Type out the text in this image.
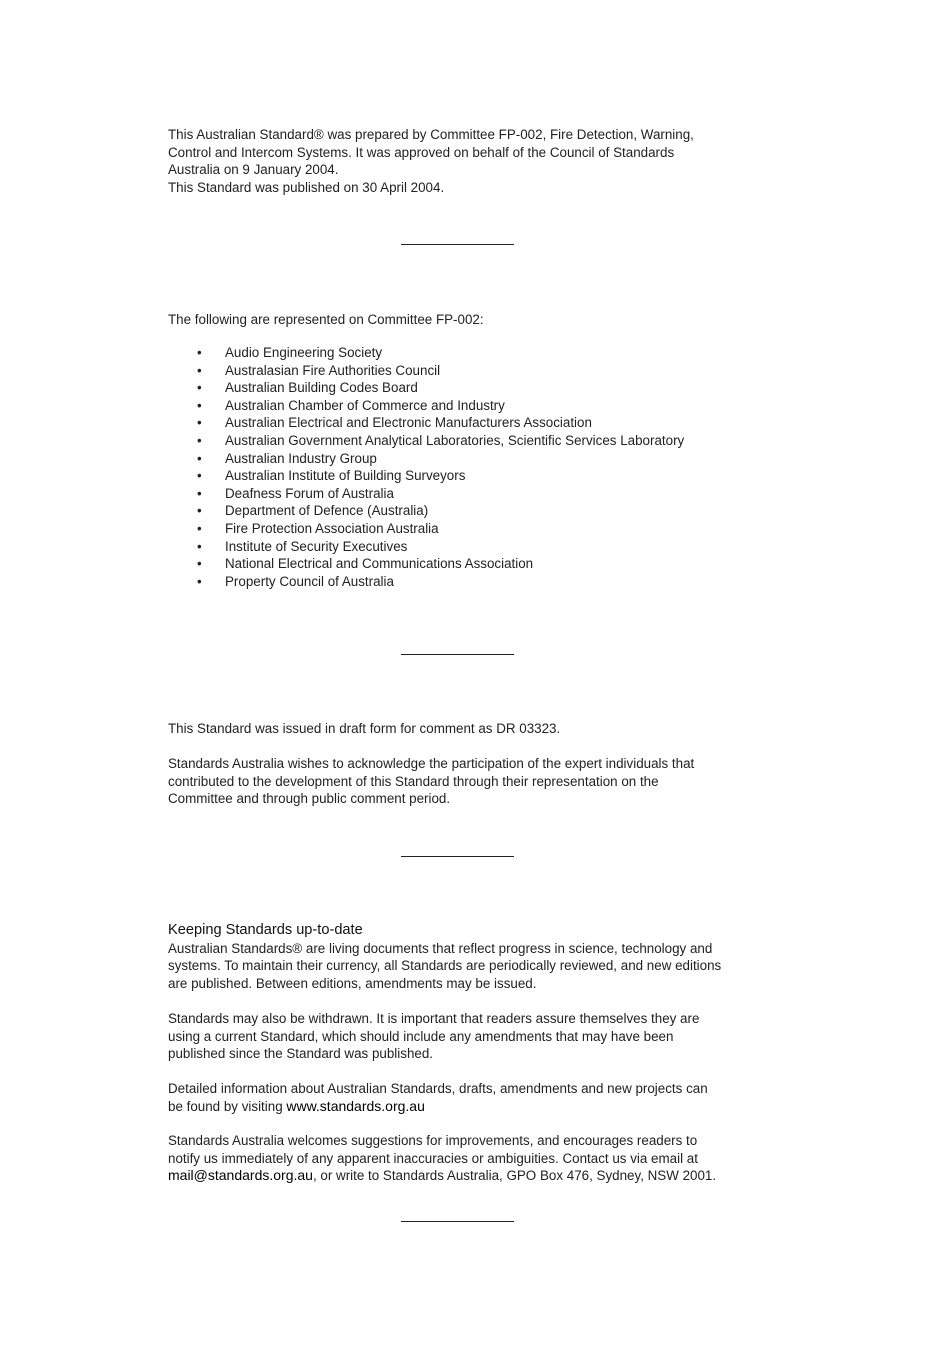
This Australian Standard® was prepared by Committee FP-002, Fire Detection, Warning,

Control and Intercom Systems. It was approved on behalf of the Council of Standards

Australia on 9 January 2004.

This Standard was published on 30 April 2004.

The following are represented on Committee FP-002:

• Audio Engineering Society
• Australasian Fire Authorities Council
• Australian Building Codes Board
• Australian Chamber of Commerce and Industry
• Australian Electrical and Electronic Manufacturers Association
• Australian Government Analytical Laboratories, Scientific Services Laboratory
• Australian Industry Group
• Australian Institute of Building Surveyors
• Deafness Forum of Australia
• Department of Defence (Australia)
• Fire Protection Association Australia
• Institute of Security Executives
• National Electrical and Communications Association
• Property Council of Australia

This Standard was issued in draft form for comment as DR 03323.

Standards Australia wishes to acknowledge the participation of the expert individuals that

contributed to the development of this Standard through their representation on the

Committee and through public comment period.

Keeping Standards up-to-date

Australian Standards® are living documents that reflect progress in science, technology and

systems. To maintain their currency, all Standards are periodically reviewed, and new editions

are published. Between editions, amendments may be issued.

Standards may also be withdrawn. It is important that readers assure themselves they are

using a current Standard, which should include any amendments that may have been

published since the Standard was published.

Detailed information about Australian Standards, drafts, amendments and new projects can

be found by visiting www.standards.org.au

Standards Australia welcomes suggestions for improvements, and encourages readers to

notify us immediately of any apparent inaccuracies or ambiguities. Contact us via email at

mail@standards.org.au, or write to Standards Australia, GPO Box 476, Sydney, NSW 2001.
